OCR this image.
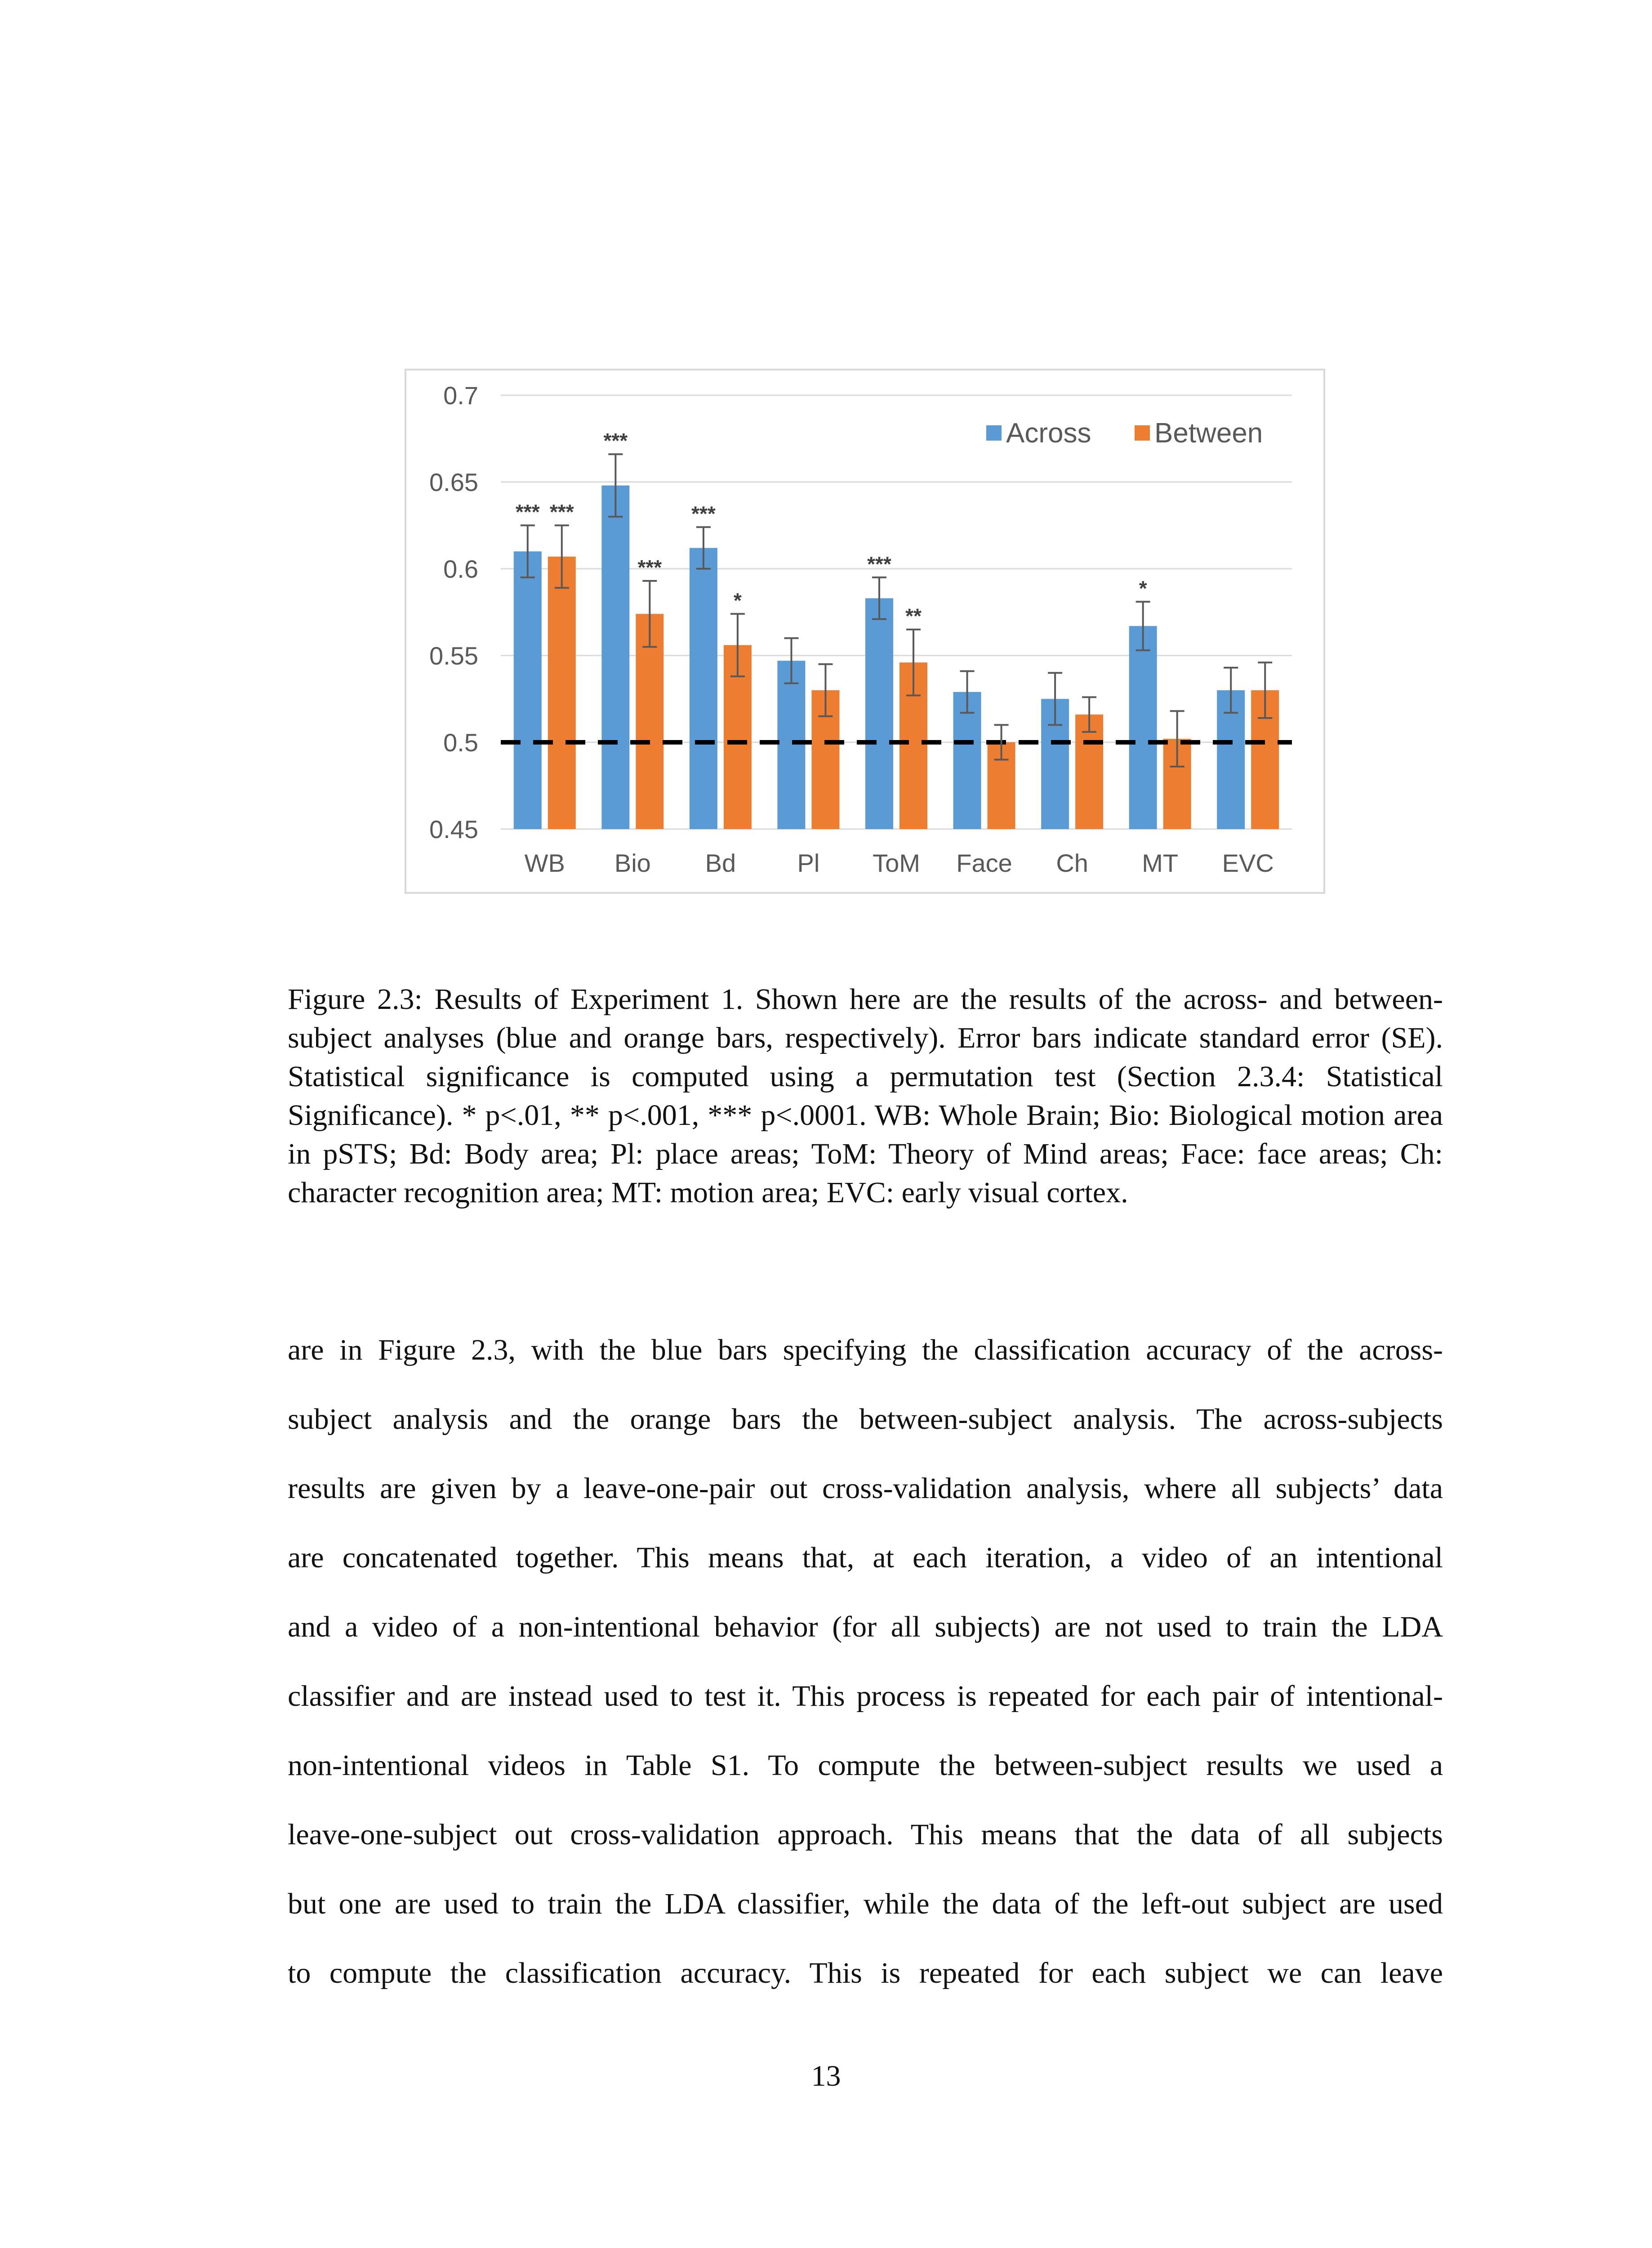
0.45
0.5
0.55
0.6
0.65
0.7
WB Bio Bd Pl ToM Face Ch MT EVC
*** ***
***
***
***
*
***
**
*
Across Between
Figure 2.3: Results of Experiment 1. Shown here are the results of the across- and between-subject analyses (blue and orange bars, respectively). Error bars indicate standard error (SE). Statistical significance is computed using a permutation test (Section 2.3.4: Statistical Significance). * p<.01, ** p<.001, *** p<.0001. WB: Whole Brain; Bio: Biological motion area in pSTS; Bd: Body area; Pl: place areas; ToM: Theory of Mind areas; Face: face areas; Ch: character recognition area; MT: motion area; EVC: early visual cortex.
are in Figure 2.3, with the blue bars specifying the classification accuracy of the across-
subject analysis and the orange bars the between-subject analysis. The across-subjects
results are given by a leave-one-pair out cross-validation analysis, where all subjects’ data
are concatenated together. This means that, at each iteration, a video of an intentional
and a video of a non-intentional behavior (for all subjects) are not used to train the LDA
classifier and are instead used to test it. This process is repeated for each pair of intentional-
non-intentional videos in Table S1. To compute the between-subject results we used a
leave-one-subject out cross-validation approach. This means that the data of all subjects
but one are used to train the LDA classifier, while the data of the left-out subject are used
to compute the classification accuracy. This is repeated for each subject we can leave
13
